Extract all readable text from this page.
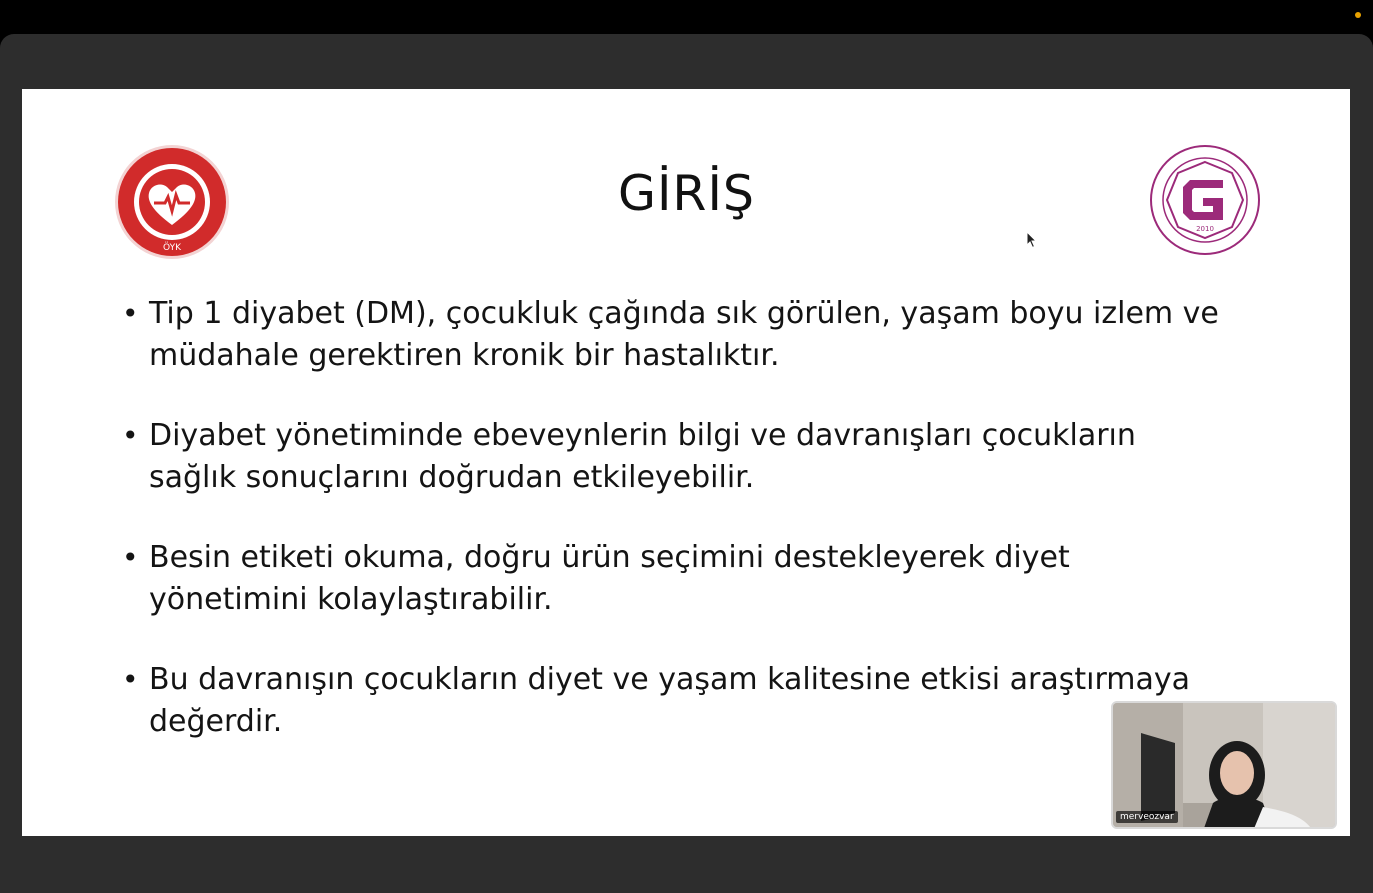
ÖYK
2010
GİRİŞ
• Tip 1 diyabet (DM), çocukluk çağında sık görülen, yaşam boyu izlem ve müdahale gerektiren kronik bir hastalıktır.
• Diyabet yönetiminde ebeveynlerin bilgi ve davranışları çocukların sağlık sonuçlarını doğrudan etkileyebilir.
• Besin etiketi okuma, doğru ürün seçimini destekleyerek diyet yönetimini kolaylaştırabilir.
• Bu davranışın çocukların diyet ve yaşam kalitesine etkisi araştırmaya değerdir.
merveozvar
